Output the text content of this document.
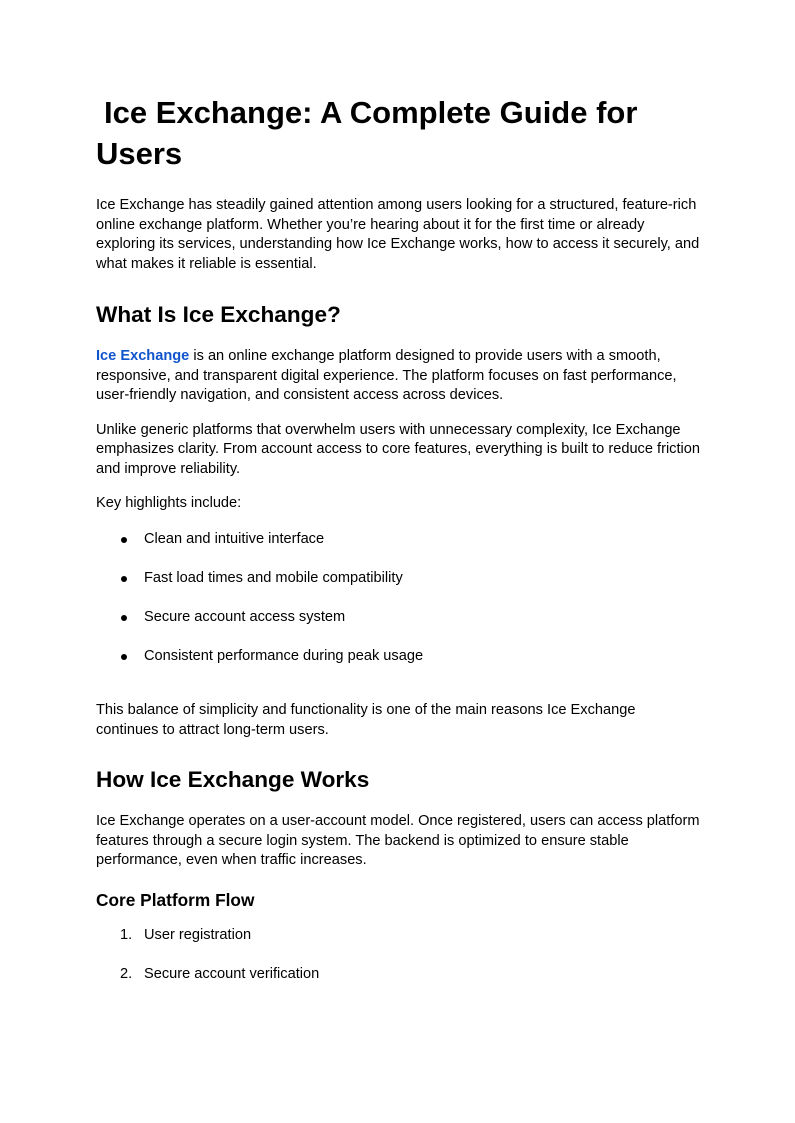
Ice Exchange: A Complete Guide for Users

Ice Exchange has steadily gained attention among users looking for a structured, feature-rich online exchange platform. Whether you’re hearing about it for the first time or already exploring its services, understanding how Ice Exchange works, how to access it securely, and what makes it reliable is essential.

What Is Ice Exchange?

Ice Exchange is an online exchange platform designed to provide users with a smooth, responsive, and transparent digital experience. The platform focuses on fast performance, user-friendly navigation, and consistent access across devices.

Unlike generic platforms that overwhelm users with unnecessary complexity, Ice Exchange emphasizes clarity. From account access to core features, everything is built to reduce friction and improve reliability.

Key highlights include:

Clean and intuitive interface
Fast load times and mobile compatibility
Secure account access system
Consistent performance during peak usage

This balance of simplicity and functionality is one of the main reasons Ice Exchange continues to attract long-term users.

How Ice Exchange Works

Ice Exchange operates on a user-account model. Once registered, users can access platform features through a secure login system. The backend is optimized to ensure stable performance, even when traffic increases.

Core Platform Flow
1. User registration
2. Secure account verification
